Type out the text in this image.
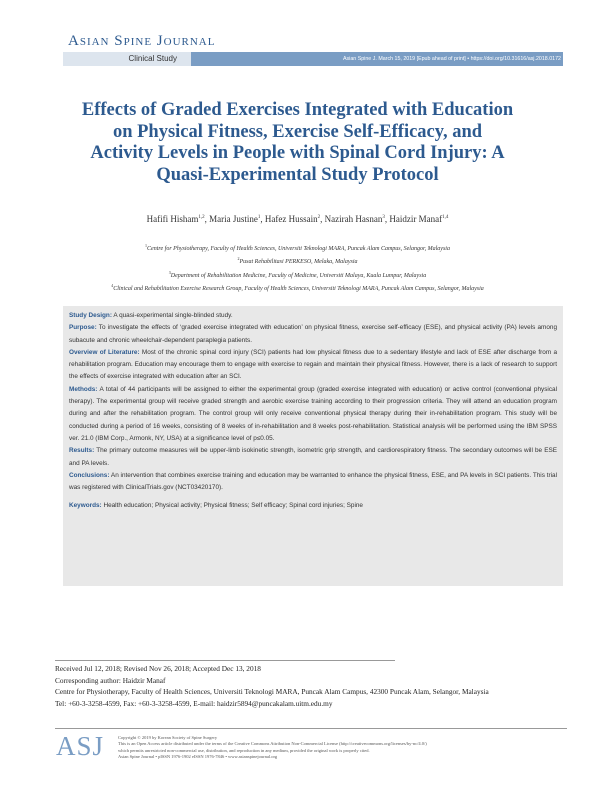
Asian Spine Journal
Clinical Study	Asian Spine J. March 15, 2019 [Epub ahead of print] • https://doi.org/10.31616/asj.2018.0172
Effects of Graded Exercises Integrated with Education on Physical Fitness, Exercise Self-Efficacy, and Activity Levels in People with Spinal Cord Injury: A Quasi-Experimental Study Protocol
Hafifi Hisham$^{1,2}$, Maria Justine$^1$, Hafez Hussain$^2$, Nazirah Hasnan$^3$, Haidzir Manaf$^{1,4}$
$^1$Centre for Physiotherapy, Faculty of Health Sciences, Universiti Teknologi MARA, Puncak Alam Campus, Selangor, Malaysia
$^2$Pusat Rehabilitasi PERKESO, Melaka, Malaysia
$^3$Department of Rehabilitation Medicine, Faculty of Medicine, Universiti Malaya, Kuala Lumpur, Malaysia
$^4$Clinical and Rehabilitation Exercise Research Group, Faculty of Health Sciences, Universiti Teknologi MARA, Puncak Alam Campus, Selangor, Malaysia

Study Design: A quasi-experimental single-blinded study.

Purpose: To investigate the effects of ‘graded exercise integrated with education’ on physical fitness, exercise self-efficacy (ESE), and physical activity (PA) levels among subacute and chronic wheelchair-dependent paraplegia patients.

Overview of Literature: Most of the chronic spinal cord injury (SCI) patients had low physical fitness due to a sedentary lifestyle and lack of ESE after discharge from a rehabilitation program. Education may encourage them to engage with exercise to regain and maintain their physical fitness. However, there is a lack of research to support the effects of exercise integrated with education after an SCI.

Methods: A total of 44 participants will be assigned to either the experimental group (graded exercise integrated with education) or active control (conventional physical therapy). The experimental group will receive graded strength and aerobic exercise training according to their progression criteria. They will attend an education program during and after the rehabilitation program. The control group will only receive conventional physical therapy during their in-rehabilitation program. This study will be conducted during a period of 16 weeks, consisting of 8 weeks of in-rehabilitation and 8 weeks post-rehabilitation. Statistical analysis will be performed using the IBM SPSS ver. 21.0 (IBM Corp., Armonk, NY, USA) at a significance level of p≤0.05.

Results: The primary outcome measures will be upper-limb isokinetic strength, isometric grip strength, and cardiorespiratory fitness. The secondary outcomes will be ESE and PA levels.

Conclusions: An intervention that combines exercise training and education may be warranted to enhance the physical fitness, ESE, and PA levels in SCI patients. This trial was registered with ClinicalTrials.gov (NCT03420170).

Keywords: Health education; Physical activity; Physical fitness; Self efficacy; Spinal cord injuries; Spine

Received Jul 12, 2018; Revised Nov 26, 2018; Accepted Dec 13, 2018
Corresponding author: Haidzir Manaf
Centre for Physiotherapy, Faculty of Health Sciences, Universiti Teknologi MARA, Puncak Alam Campus, 42300 Puncak Alam, Selangor, Malaysia
Tel: +60-3-3258-4599, Fax: +60-3-3258-4599, E-mail: haidzir5894@puncakalam.uitm.edu.my
ASJ	Copyright © 2019 by Korean Society of Spine Surgery
This is an Open Access article distributed under the terms of the Creative Commons Attribution Non-Commercial License (http://creativecommons.org/licenses/by-nc/4.0/)
which permits unrestricted non-commercial use, distribution, and reproduction in any medium, provided the original work is properly cited.
Asian Spine Journal • pISSN 1976-1902 eISSN 1976-7846 • www.asianspinejournal.org
